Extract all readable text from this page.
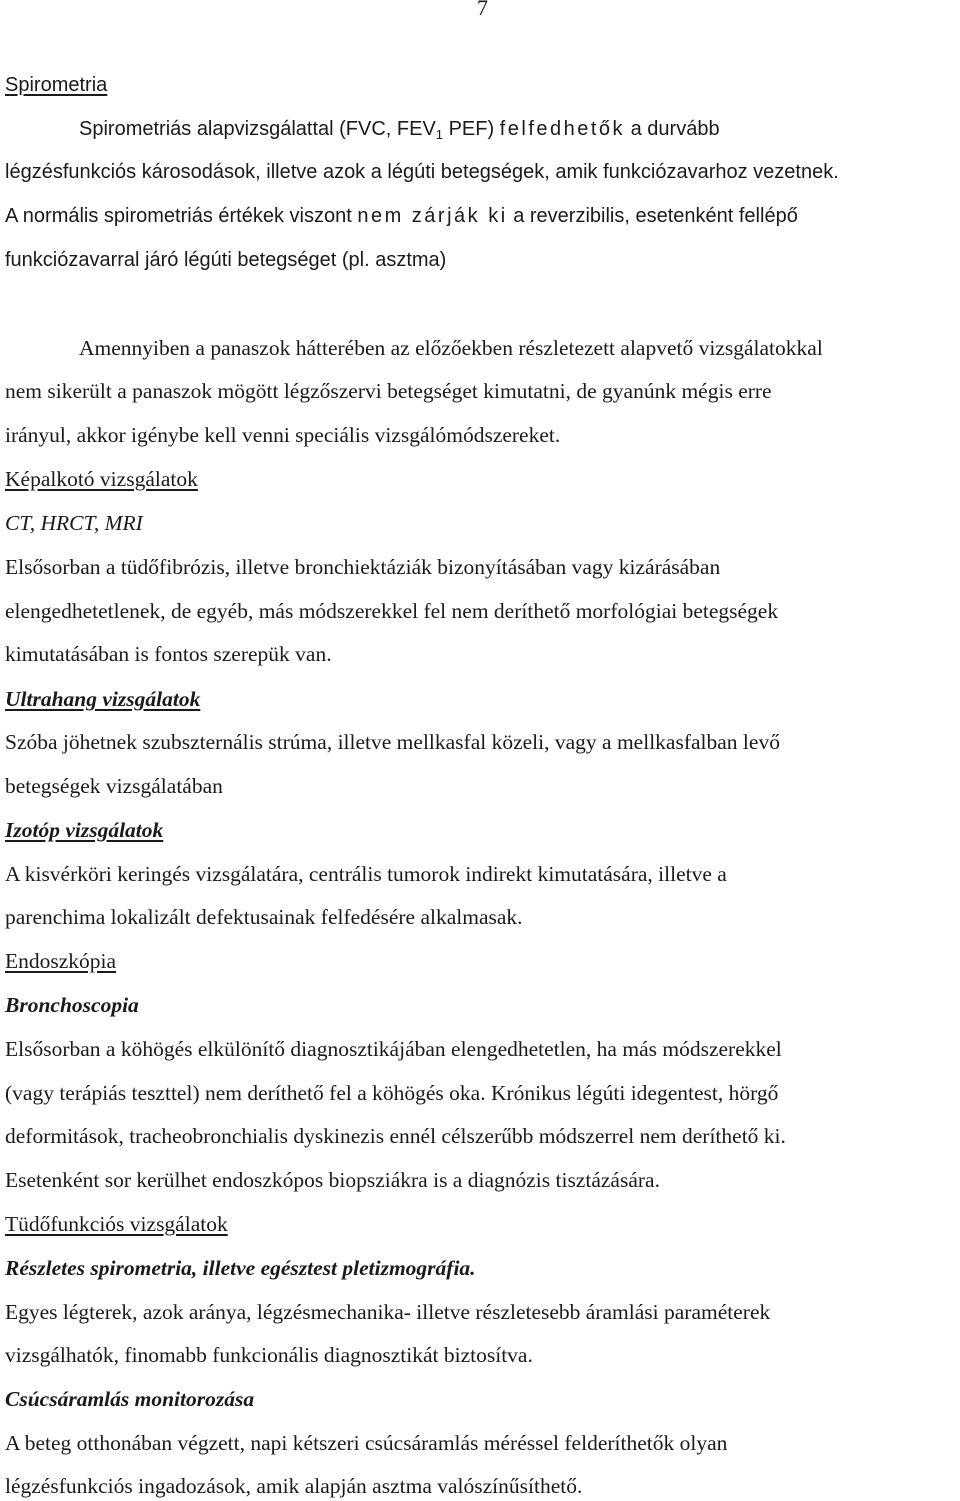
7
Spirometria
Spirometriás alapvizsgálattal (FVC, $FEV_1$ PEF) felfedhetők a durvább
légzésfunkciós károsodások, illetve azok a légúti betegségek, amik funkciózavarhoz vezetnek.
A normális spirometriás értékek viszont nem zárják ki a reverzibilis, esetenként fellépő
funkciózavarral járó légúti betegséget (pl. asztma)
Amennyiben a panaszok hátterében az előzőekben részletezett alapvető vizsgálatokkal
nem sikerült a panaszok mögött légzőszervi betegséget kimutatni, de gyanúnk mégis erre
irányul, akkor igénybe kell venni speciális vizsgálómódszereket.
Képalkotó vizsgálatok
CT, HRCT, MRI
Elsősorban a tüdőfibrózis, illetve bronchiektáziák bizonyításában vagy kizárásában
elengedhetetlenek, de egyéb, más módszerekkel fel nem deríthető morfológiai betegségek
kimutatásában is fontos szerepük van.
Ultrahang vizsgálatok
Szóba jöhetnek szubszternális strúma, illetve mellkasfal közeli, vagy a mellkasfalban levő
betegségek vizsgálatában
Izotóp vizsgálatok
A kisvérköri keringés vizsgálatára, centrális tumorok indirekt kimutatására, illetve a
parenchima lokalizált defektusainak felfedésére alkalmasak.
Endoszkópia
Bronchoscopia
Elsősorban a köhögés elkülönítő diagnosztikájában elengedhetetlen, ha más módszerekkel
(vagy terápiás teszttel) nem deríthető fel a köhögés oka. Krónikus légúti idegentest, hörgő
deformitások, tracheobronchialis dyskinezis ennél célszerűbb módszerrel nem deríthető ki.
Esetenként sor kerülhet endoszkópos biopsziákra is a diagnózis tisztázására.
Tüdőfunkciós vizsgálatok
Részletes spirometria, illetve egésztest pletizmográfia.
Egyes légterek, azok aránya, légzésmechanika- illetve részletesebb áramlási paraméterek
vizsgálhatók, finomabb funkcionális diagnosztikát biztosítva.
Csúcsáramlás monitorozása
A beteg otthonában végzett, napi kétszeri csúcsáramlás méréssel felderíthetők olyan
légzésfunkciós ingadozások, amik alapján asztma valószínűsíthető.
